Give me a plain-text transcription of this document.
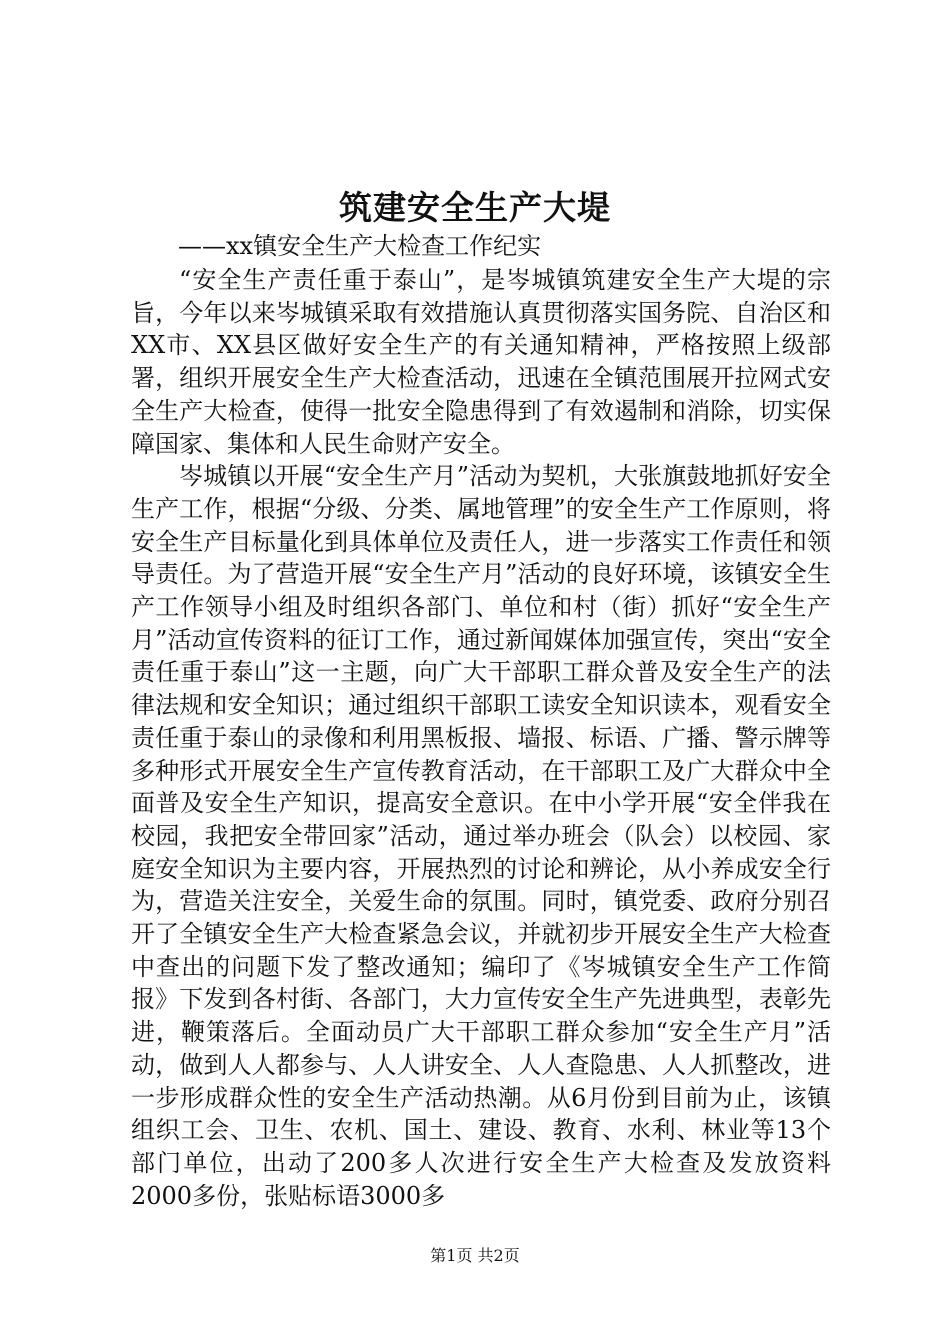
筑建安全生产大堤
——xx镇安全生产大检查工作纪实

“安全生产责任重于泰山”，是岑城镇筑建安全生产大堤的宗旨，今年以来岑城镇采取有效措施认真贯彻落实国务院、自治区和XX市、XX县区做好安全生产的有关通知精神，严格按照上级部署，组织开展安全生产大检查活动，迅速在全镇范围展开拉网式安全生产大检查，使得一批安全隐患得到了有效遏制和消除，切实保障国家、集体和人民生命财产安全。

岑城镇以开展“安全生产月”活动为契机，大张旗鼓地抓好安全生产工作，根据“分级、分类、属地管理”的安全生产工作原则，将安全生产目标量化到具体单位及责任人，进一步落实工作责任和领导责任。为了营造开展“安全生产月”活动的良好环境，该镇安全生产工作领导小组及时组织各部门、单位和村（街）抓好“安全生产月”活动宣传资料的征订工作，通过新闻媒体加强宣传，突出“安全责任重于泰山”这一主题，向广大干部职工群众普及安全生产的法律法规和安全知识；通过组织干部职工读安全知识读本，观看安全责任重于泰山的录像和利用黑板报、墙报、标语、广播、警示牌等多种形式开展安全生产宣传教育活动，在干部职工及广大群众中全面普及安全生产知识，提高安全意识。在中小学开展“安全伴我在校园，我把安全带回家”活动，通过举办班会（队会）以校园、家庭安全知识为主要内容，开展热烈的讨论和辨论，从小养成安全行为，营造关注安全，关爱生命的氛围。同时，镇党委、政府分别召开了全镇安全生产大检查紧急会议，并就初步开展安全生产大检查中查出的问题下发了整改通知；编印了《岑城镇安全生产工作简报》下发到各村街、各部门，大力宣传安全生产先进典型，表彰先进，鞭策落后。全面动员广大干部职工群众参加“安全生产月”活动，做到人人都参与、人人讲安全、人人查隐患、人人抓整改，进一步形成群众性的安全生产活动热潮。从6月份到目前为止，该镇组织工会、卫生、农机、国土、建设、教育、水利、林业等13个部门单位，出动了200多人次进行安全生产大检查及发放资料2000多份，张贴标语3000多

第1页 共2页
